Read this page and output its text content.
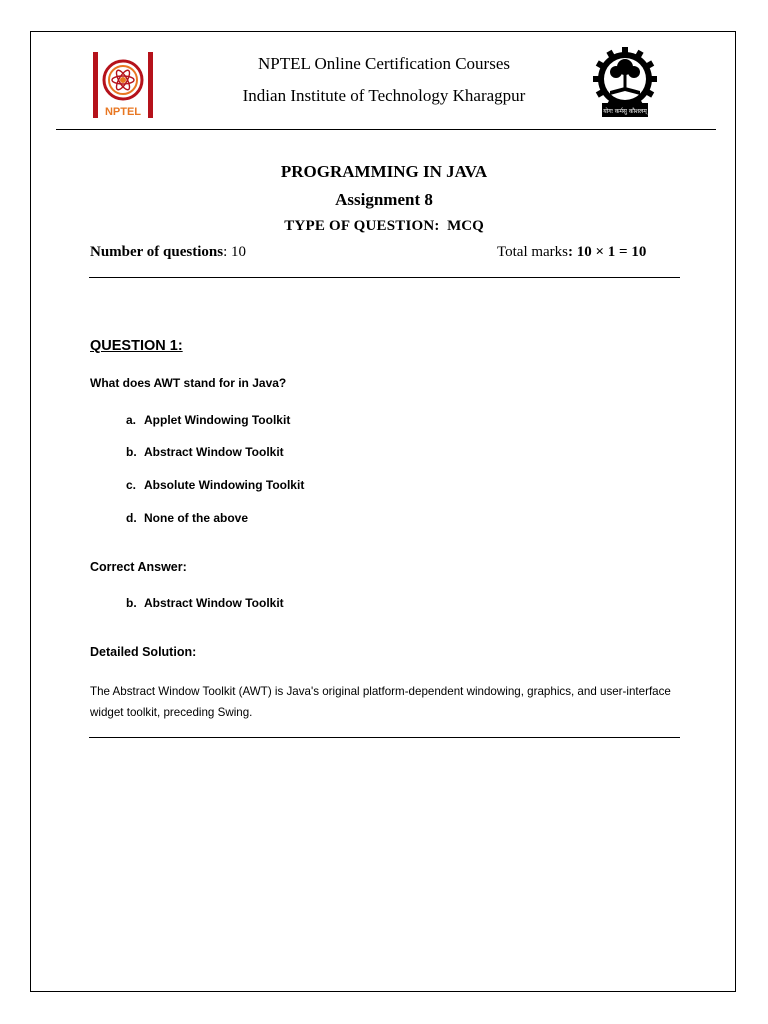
NPTEL	योगः कर्मसु कौशलम्
NPTEL Online Certification Courses
Indian Institute of Technology Kharagpur
PROGRAMMING IN JAVA
Assignment 8
TYPE OF QUESTION: MCQ
Number of questions: 10	Total marks: 10 × 1 = 10
QUESTION 1:
What does AWT stand for in Java?
a. Applet Windowing Toolkit
b. Abstract Window Toolkit
c. Absolute Windowing Toolkit
d. None of the above
Correct Answer:
b. Abstract Window Toolkit
Detailed Solution:
The Abstract Window Toolkit (AWT) is Java's original platform-dependent windowing, graphics, and user-interface widget toolkit, preceding Swing.
